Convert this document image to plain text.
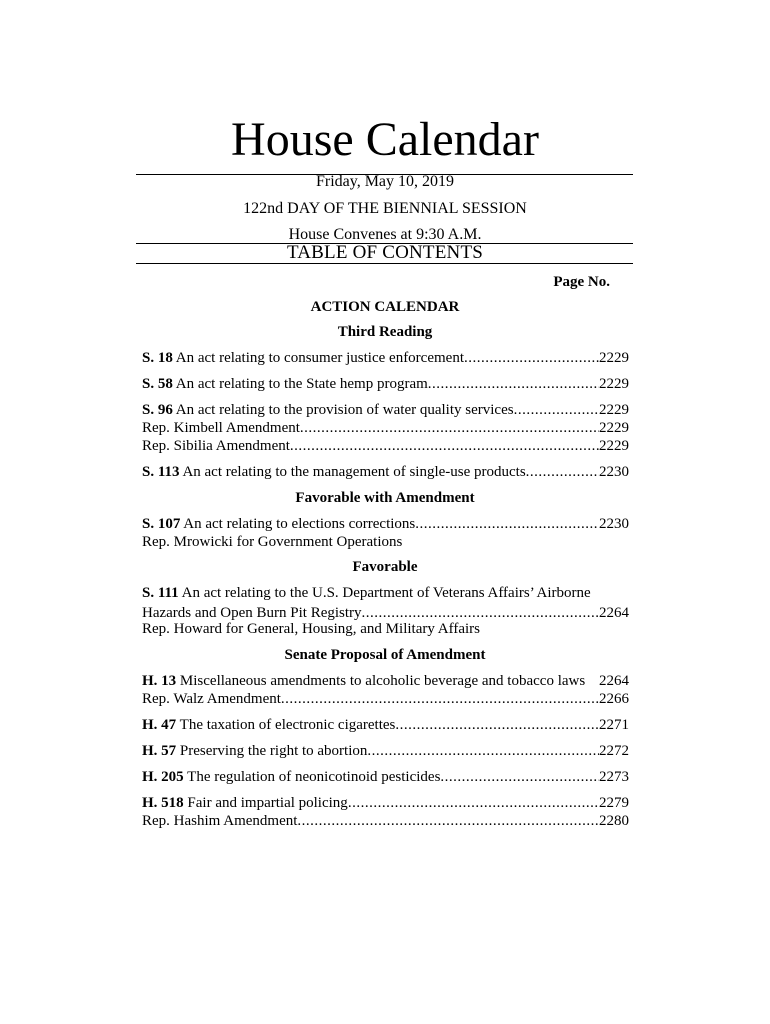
House Calendar
Friday, May 10, 2019
122nd DAY OF THE BIENNIAL SESSION
House Convenes at 9:30 A.M.
TABLE OF CONTENTS
Page No.
ACTION CALENDAR
Third Reading
S. 18 An act relating to consumer justice enforcement .....	2229
S. 58 An act relating to the State hemp program .....	2229
S. 96 An act relating to the provision of water quality services .....	2229
Rep. Kimbell Amendment .....	2229
Rep. Sibilia Amendment .....	2229
S. 113 An act relating to the management of single-use products .....	2230
Favorable with Amendment
S. 107 An act relating to elections corrections .....	2230
Rep. Mrowicki for Government Operations
Favorable
S. 111 An act relating to the U.S. Department of Veterans Affairs’ Airborne
Hazards and Open Burn Pit Registry .....	2264
Rep. Howard for General, Housing, and Military Affairs
Senate Proposal of Amendment
H. 13 Miscellaneous amendments to alcoholic beverage and tobacco laws 2264
Rep. Walz Amendment .....	2266
H. 47 The taxation of electronic cigarettes .....	2271
H. 57 Preserving the right to abortion .....	2272
H. 205 The regulation of neonicotinoid pesticides .....	2273
H. 518 Fair and impartial policing .....	2279
Rep. Hashim Amendment .....	2280
